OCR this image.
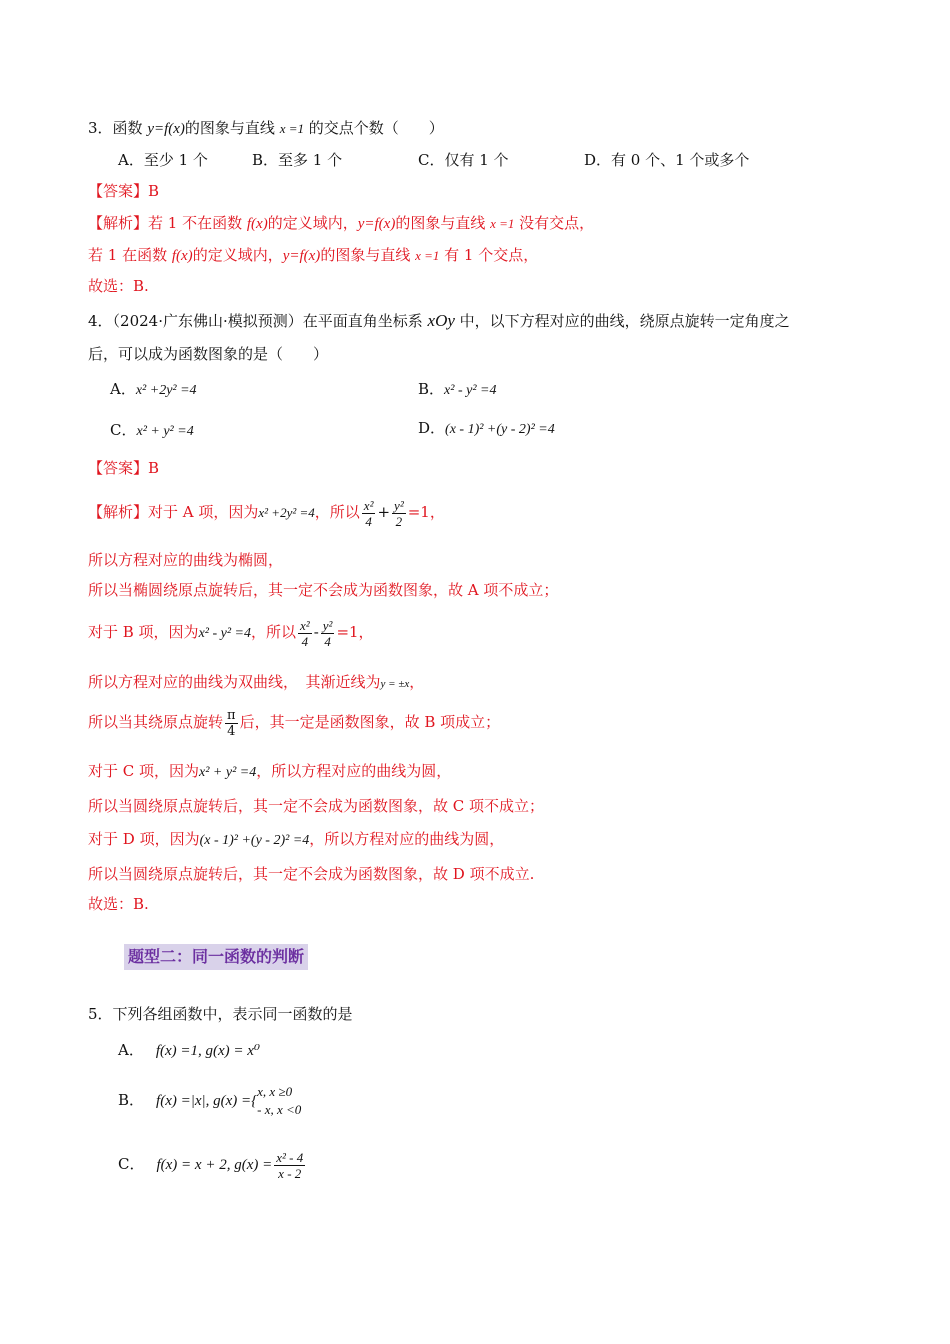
3．函数 y=f(x)的图象与直线 x =1 的交点个数（　　）
A．至少 1 个	B．至多 1 个	C．仅有 1 个	D．有 0 个、1 个或多个
【答案】B
【解析】若 1 不在函数 f(x)的定义域内，y=f(x)的图象与直线 x =1 没有交点，
若 1 在函数 f(x)的定义域内，y=f(x)的图象与直线 x =1 有 1 个交点，
故选：B.
4．（2024·广东佛山·模拟预测）在平面直角坐标系 xOy 中，以下方程对应的曲线，绕原点旋转一定角度之
后，可以成为函数图象的是（　　）
A．x² +2y² =4	B．x² - y² =4
C．x² + y² =4	D．(x - 1)² +(y - 2)² =4
【答案】B
【解析】对于 A 项，因为x² +2y² =4，所以 $\frac{\text{x²}}{4} + \frac{\text{y²}}{2} =1$，
所以方程对应的曲线为椭圆，
所以当椭圆绕原点旋转后，其一定不会成为函数图象，故 A 项不成立；
对于 B 项，因为x² - y² =4，所以 $\frac{\text{x²}}{4} - \frac{\text{y²}}{4} =1$，
所以方程对应的曲线为双曲线，　其渐近线为y = ±x，
所以当其绕原点旋转 $\frac{\pi}{4}$ 后，其一定是函数图象，故 B 项成立；
对于 C 项，因为x² + y² =4，所以方程对应的曲线为圆，
所以当圆绕原点旋转后，其一定不会成为函数图象，故 C 项不成立；
对于 D 项，因为(x - 1)² +(y - 2)² =4，所以方程对应的曲线为圆，
所以当圆绕原点旋转后，其一定不会成为函数图象，故 D 项不成立.
故选：B.
题型二：同一函数的判断
5．下列各组函数中，表示同一函数的是
A． f(x) =1, g(x) = x⁰
B． f(x) =|x|, g(x) ={
x, x ≥0
- x, x <0
C． f(x) = x + 2, $g(x) = \frac{\text{x² - 4}}{x - 2}$
